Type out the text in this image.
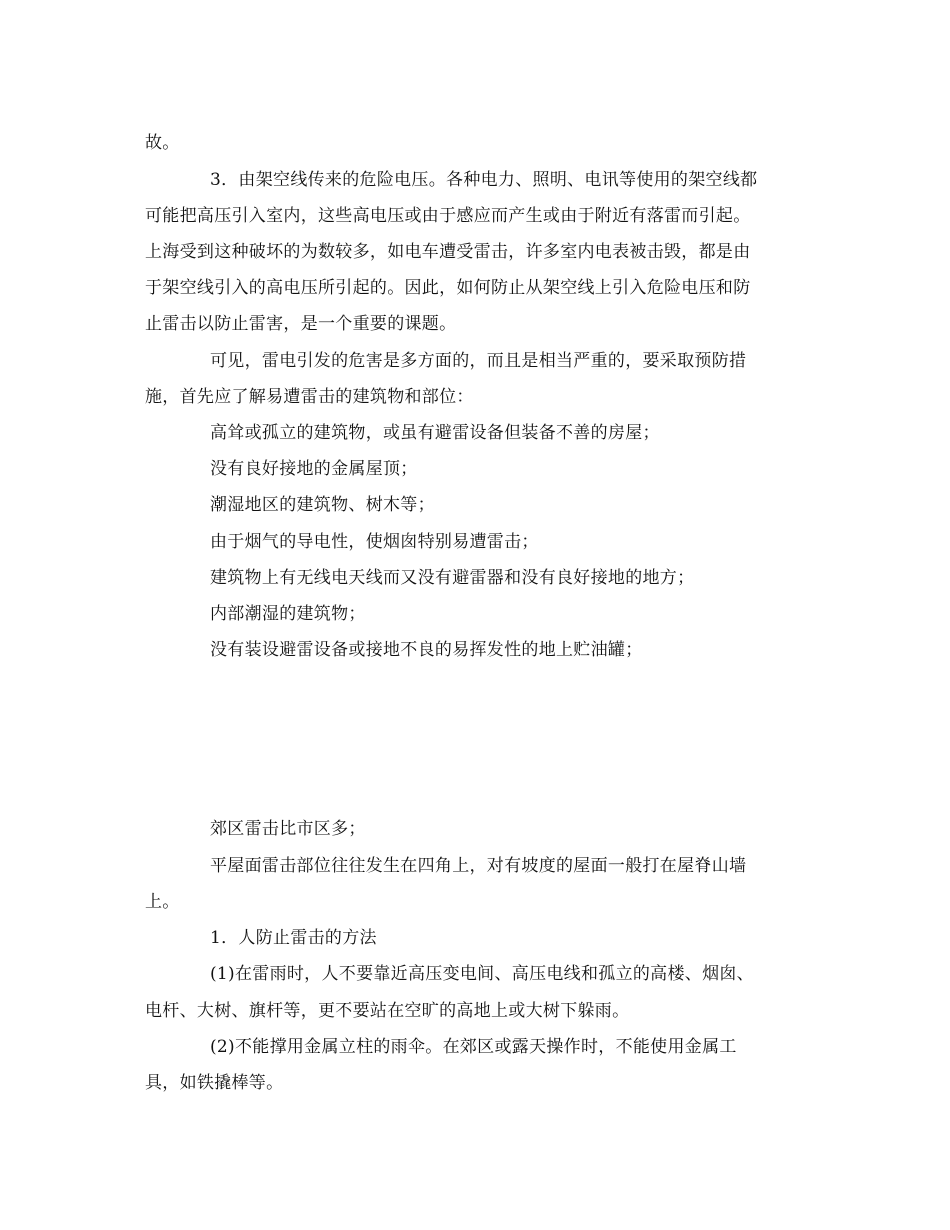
故。
3．由架空线传来的危险电压。各种电力、照明、电讯等使用的架空线都
可能把高压引入室内，这些高电压或由于感应而产生或由于附近有落雷而引起。
上海受到这种破坏的为数较多，如电车遭受雷击，许多室内电表被击毁，都是由
于架空线引入的高电压所引起的。因此，如何防止从架空线上引入危险电压和防
止雷击以防止雷害，是一个重要的课题。
可见，雷电引发的危害是多方面的，而且是相当严重的，要采取预防措
施，首先应了解易遭雷击的建筑物和部位：
高耸或孤立的建筑物，或虽有避雷设备但装备不善的房屋；
没有良好接地的金属屋顶；
潮湿地区的建筑物、树木等；
由于烟气的导电性，使烟囱特别易遭雷击；
建筑物上有无线电天线而又没有避雷器和没有良好接地的地方；
内部潮湿的建筑物；
没有装设避雷设备或接地不良的易挥发性的地上贮油罐；
郊区雷击比市区多；
平屋面雷击部位往往发生在四角上，对有坡度的屋面一般打在屋脊山墙
上。
1．人防止雷击的方法
(1)在雷雨时，人不要靠近高压变电间、高压电线和孤立的高楼、烟囱、
电杆、大树、旗杆等，更不要站在空旷的高地上或大树下躲雨。
(2)不能撑用金属立柱的雨伞。在郊区或露天操作时，不能使用金属工
具，如铁撬棒等。
